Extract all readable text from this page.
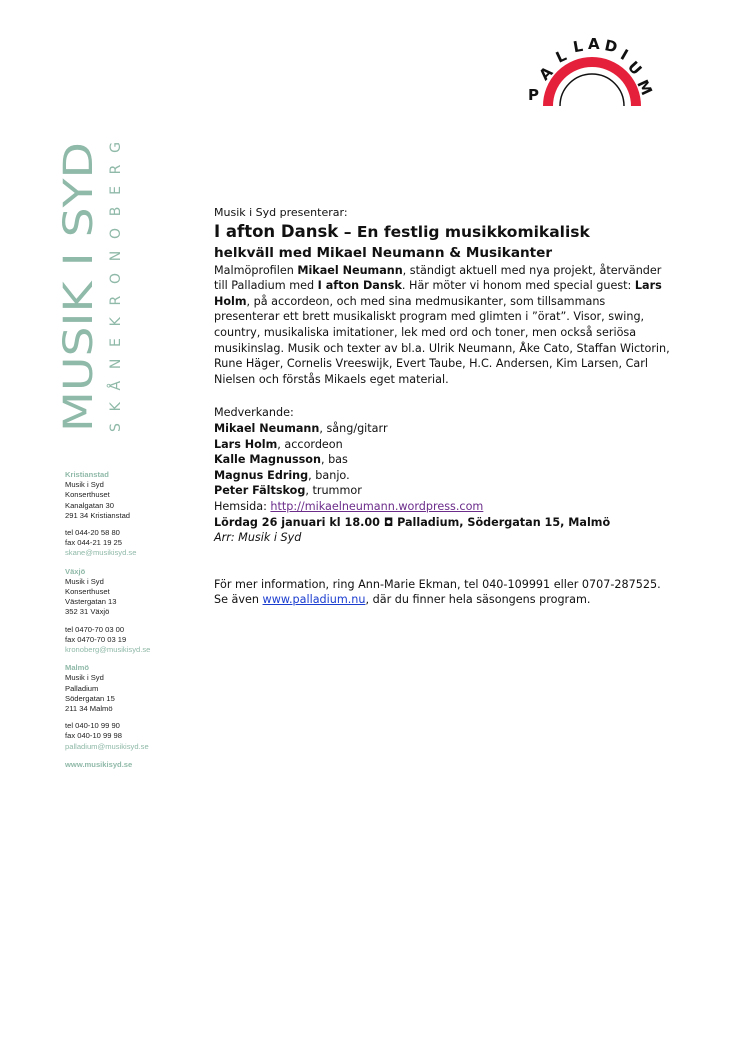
P
A
L L A D
I
U
M
MUSIK I SYD SKÅNEKRONOBERG
Kristianstad
Musik i Syd
Konserthuset
Kanalgatan 30
291 34 Kristianstad
tel 044-20 58 80
fax 044-21 19 25
skane@musikisyd.se
Växjö
Musik i Syd
Konserthuset
Västergatan 13
352 31 Växjö
tel 0470-70 03 00
fax 0470-70 03 19
kronoberg@musikisyd.se
Malmö
Musik i Syd
Palladium
Södergatan 15
211 34 Malmö
tel 040-10 99 90
fax 040-10 99 98
palladium@musikisyd.se
www.musikisyd.se

Musik i Syd presenterar:

I afton Dansk – En festlig musikkomikalisk

helkväll med Mikael Neumann & Musikanter

Malmöprofilen Mikael Neumann, ständigt aktuell med nya projekt, återvänder till Palladium med I afton Dansk. Här möter vi honom med special guest: Lars Holm, på accordeon, och med sina medmusikanter, som tillsammans presenterar ett brett musikaliskt program med glimten i ”örat”. Visor, swing, country, musikaliska imitationer, lek med ord och toner, men också seriösa musikinslag. Musik och texter av bl.a. Ulrik Neumann, Åke Cato, Staffan Wictorin, Rune Häger, Cornelis Vreeswijk, Evert Taube, H.C. Andersen, Kim Larsen, Carl Nielsen och förstås Mikaels eget material.

Medverkande:

Mikael Neumann, sång/gitarr

Lars Holm, accordeon

Kalle Magnusson, bas

Magnus Edring, banjo.

Peter Fältskog, trummor

Hemsida: http://mikaelneumann.wordpress.com

Lördag 26 januari kl 18.00 ◘ Palladium, Södergatan 15, Malmö

Arr: Musik i Syd

För mer information, ring Ann-Marie Ekman, tel 040-109991 eller 0707-287525.

Se även www.palladium.nu, där du finner hela säsongens program.
